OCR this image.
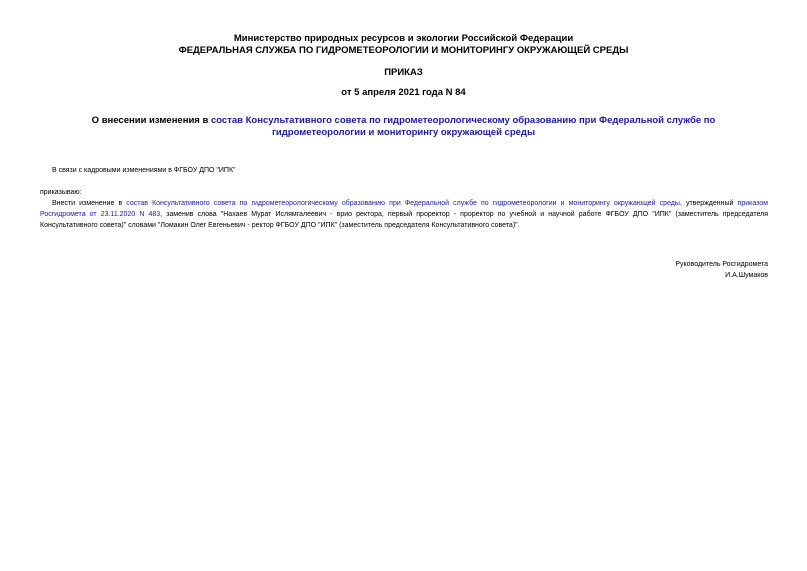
Министерство природных ресурсов и экологии Российской Федерации
ФЕДЕРАЛЬНАЯ СЛУЖБА ПО ГИДРОМЕТЕОРОЛОГИИ И МОНИТОРИНГУ ОКРУЖАЮЩЕЙ СРЕДЫ
ПРИКАЗ
от 5 апреля 2021 года N 84
О внесении изменения в состав Консультативного совета по гидрометеорологическому образованию при Федеральной службе по гидрометеорологии и мониторингу окружающей среды
В связи с кадровыми изменениями в ФГБОУ ДПО "ИПК"
приказываю:
Внести изменение в состав Консультативного совета по гидрометеорологическому образованию при Федеральной службе по гидрометеорологии и мониторингу окружающей среды, утвержденный приказом Росгидромета от 23.11.2020 N 483, заменив слова "Нахаев Мурат Ислямгалеевич - врио ректора, первый проректор - проректор по учебной и научной работе ФГБОУ ДПО "ИПК" (заместитель председателя Консультативного совета)" словами "Ломакин Олег Евгеньевич - ректор ФГБОУ ДПО "ИПК" (заместитель председателя Консультативного совета)".
Руководитель Росгидромета
И.А.Шумаков
